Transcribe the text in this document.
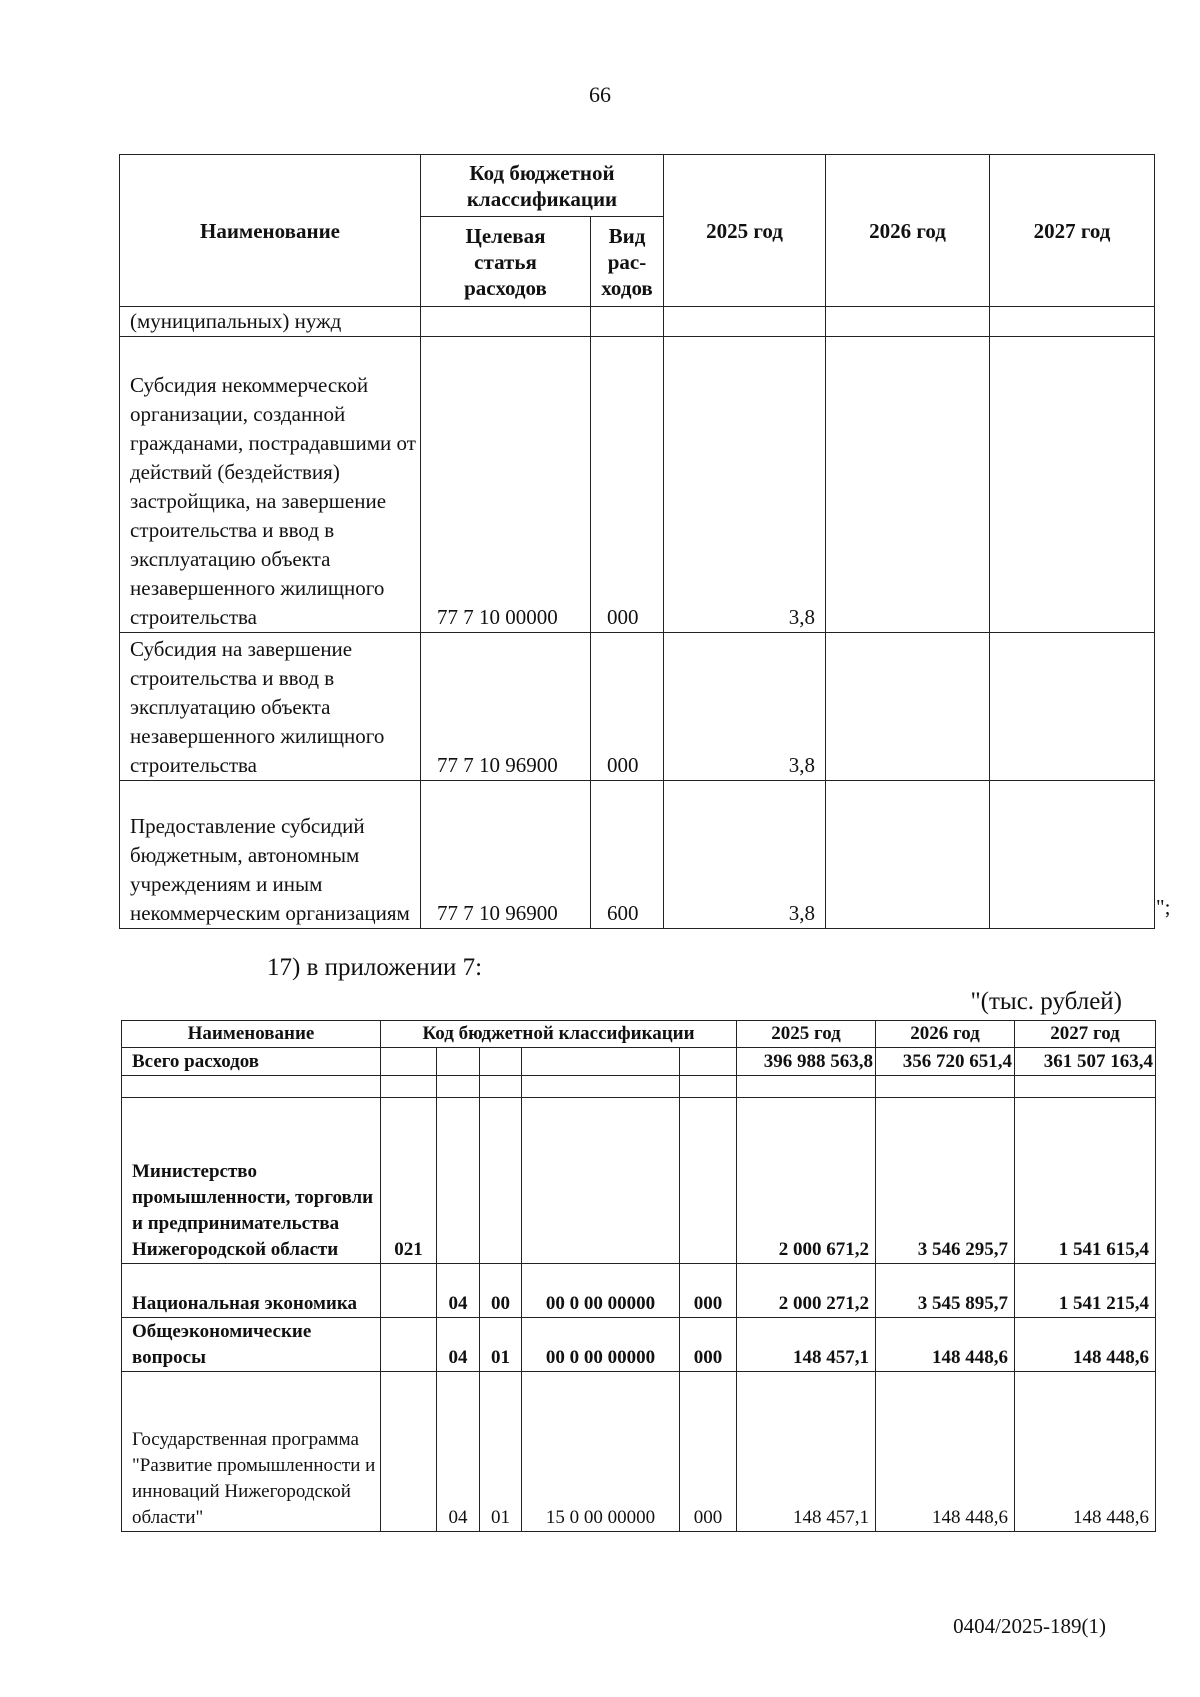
66
Наименование	Код бюджетной классификации		2025 год	2026 год	2027 год
	Целевая статья расходов	Вид рас-ходов			
(муниципальных) нужд					
Субсидия некоммерческой организации, созданной гражданами, пострадавшими от действий (бездействия) застройщика, на завершение строительства и ввод в эксплуатацию объекта незавершенного жилищного строительства	77 7 10 00000	000	3,8		
Субсидия на завершение строительства и ввод в эксплуатацию объекта незавершенного жилищного строительства	77 7 10 96900	000	3,8		
Предоставление субсидий бюджетным, автономным учреждениям и иным некоммерческим организациям	77 7 10 96900	600	3,8			";
17) в приложении 7:
"(тыс. рублей)
Наименование	Код бюджетной классификации					2025 год	2026 год	2027 год
Всего расходов						396 988 563,8	356 720 651,4	361 507 163,4

Министерство промышленности, торговли и предпринимательства Нижегородской области	021					2 000 671,2	3 546 295,7	1 541 615,4
Национальная экономика		04	00	00 0 00 00000	000	2 000 271,2	3 545 895,7	1 541 215,4
Общеэкономические вопросы		04	01	00 0 00 00000	000	148 457,1	148 448,6	148 448,6
Государственная программа "Развитие промышленности и инноваций Нижегородской области"		04	01	15 0 00 00000	000	148 457,1	148 448,6	148 448,6
0404/2025-189(1)
